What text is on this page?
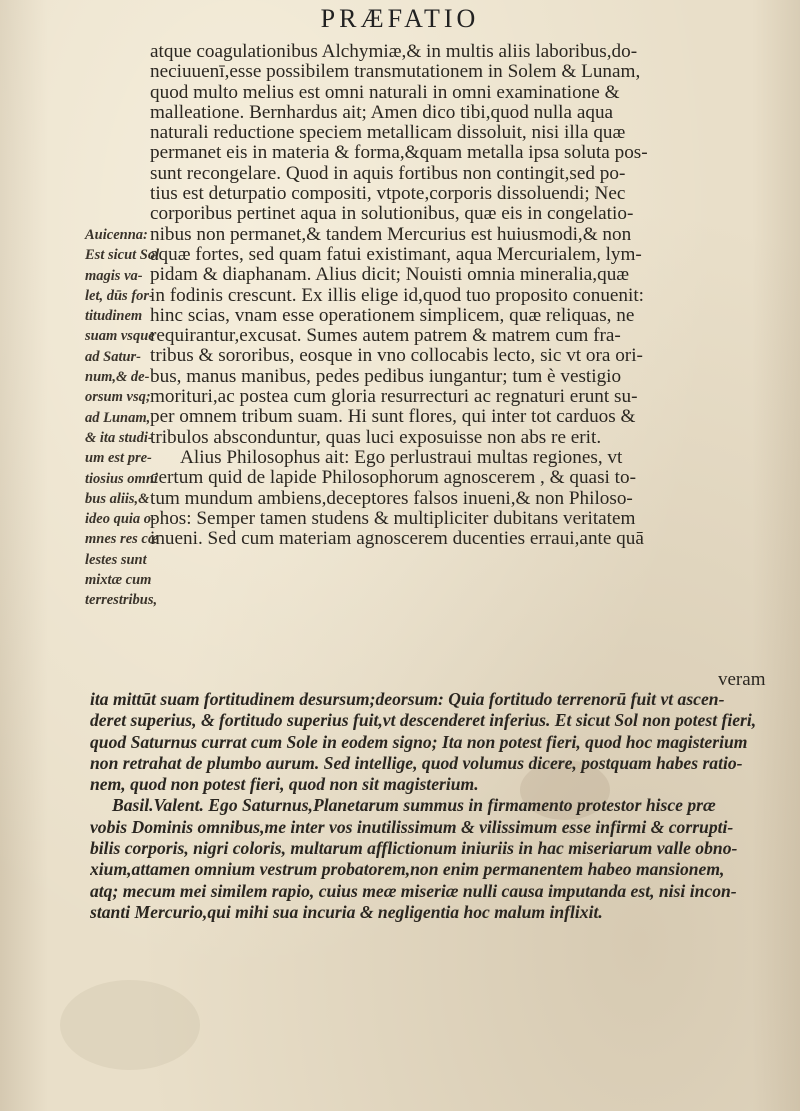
PRÆFATIO
atque coagulationibus Alchymiæ,& in multis aliis laboribus,do-
neciuuenī,esse possibilem transmutationem in Solem & Lunam,
quod multo melius est omni naturali in omni examinatione &
malleatione. Bernhardus ait; Amen dico tibi,quod nulla aqua
naturali reductione speciem metallicam dissoluit, nisi illa quæ
permanet eis in materia & forma,&quam metalla ipsa soluta pos-
sunt recongelare. Quod in aquis fortibus non contingit,sed po-
tius est deturpatio compositi, vtpote,corporis dissoluendi; Nec
corporibus pertinet aqua in solutionibus, quæ eis in congelatio-
nibus non permanet,& tandem Mercurius est huiusmodi,& non
aquæ fortes, sed quam fatui existimant, aqua Mercurialem, lym-
pidam & diaphanam. Alius dicit; Nouisti omnia mineralia,quæ
in fodinis crescunt. Ex illis elige id,quod tuo proposito conuenit:
hinc scias, vnam esse operationem simplicem, quæ reliquas, ne
requirantur,excusat. Sumes autem patrem & matrem cum fra-
tribus & sororibus, eosque in vno collocabis lecto, sic vt ora ori-
bus, manus manibus, pedes pedibus iungantur; tum è vestigio
morituri,ac postea cum gloria resurrecturi ac regnaturi erunt su-
per omnem tribum suam. Hi sunt flores, qui inter tot carduos &
tribulos absconduntur, quas luci exposuisse non abs re erit.
Alius Philosophus ait: Ego perlustraui multas regiones, vt
certum quid de lapide Philosophorum agnoscerem , & quasi to-
tum mundum ambiens,deceptores falsos inueni,& non Philoso-
phos: Semper tamen studens & multipliciter dubitans veritatem
inueni. Sed cum materiam agnoscerem ducenties erraui,ante quā
Auicenna:
Est sicut Sol
magis va-
let, dūs for-
titudinem
suam vsque
ad Satur-
num,& de-
orsum vsq;
ad Lunam,
& ita studi-
um est pre-
tiosius omni
bus aliis,&
ideo quia o-
mnes res cœ
lestes sunt
mixtæ cum
terrestribus,
veram
ita mittūt suam fortitudinem desursum;deorsum: Quia fortitudo terrenorū fuit vt ascen-
deret superius, & fortitudo superius fuit,vt descenderet inferius. Et sicut Sol non potest fieri,
quod Saturnus currat cum Sole in eodem signo; Ita non potest fieri, quod hoc magisterium
non retrahat de plumbo aurum. Sed intellige, quod volumus dicere, postquam habes ratio-
nem, quod non potest fieri, quod non sit magisterium.
Basil.Valent. Ego Saturnus,Planetarum summus in firmamento protestor hisce præ
vobis Dominis omnibus,me inter vos inutilissimum & vilissimum esse infirmi & corrupti-
bilis corporis, nigri coloris, multarum afflictionum iniuriis in hac miseriarum valle obno-
xium,attamen omnium vestrum probatorem,non enim permanentem habeo mansionem,
atq; mecum mei similem rapio, cuius meæ miseriæ nulli causa imputanda est, nisi incon-
stanti Mercurio,qui mihi sua incuria & negligentia hoc malum inflixit.
